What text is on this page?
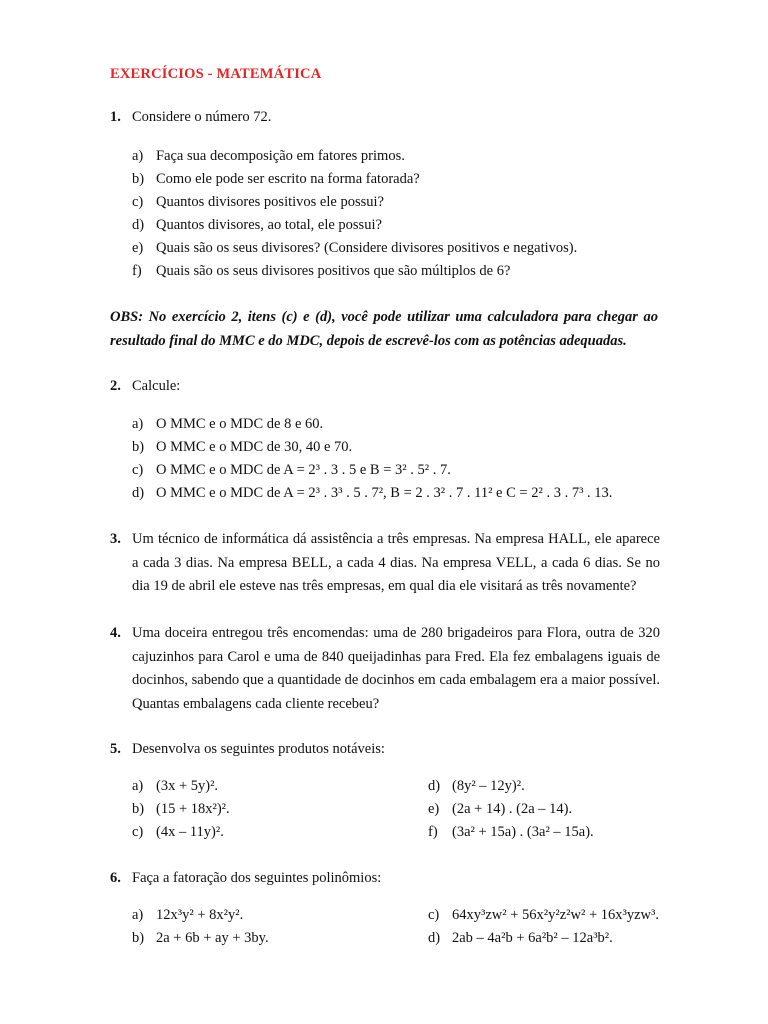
EXERCÍCIOS - MATEMÁTICA
1. Considere o número 72.
a) Faça sua decomposição em fatores primos.
b) Como ele pode ser escrito na forma fatorada?
c) Quantos divisores positivos ele possui?
d) Quantos divisores, ao total, ele possui?
e) Quais são os seus divisores? (Considere divisores positivos e negativos).
f) Quais são os seus divisores positivos que são múltiplos de 6?
OBS: No exercício 2, itens (c) e (d), você pode utilizar uma calculadora para chegar ao
resultado final do MMC e do MDC, depois de escrevê-los com as potências adequadas.
2. Calcule:
a) O MMC e o MDC de 8 e 60.
b) O MMC e o MDC de 30, 40 e 70.
c) O MMC e o MDC de A = 2³ . 3 . 5 e B = 3² . 5² . 7.
d) O MMC e o MDC de A = 2³ . 3³ . 5 . 7², B = 2 . 3² . 7 . 11² e C = 2² . 3 . 7³ . 13.
3. Um técnico de informática dá assistência a três empresas. Na empresa HALL, ele aparece a cada 3 dias. Na empresa BELL, a cada 4 dias. Na empresa VELL, a cada 6 dias. Se no dia 19 de abril ele esteve nas três empresas, em qual dia ele visitará as três novamente?
4. Uma doceira entregou três encomendas: uma de 280 brigadeiros para Flora, outra de 320 cajuzinhos para Carol e uma de 840 queijadinhas para Fred. Ela fez embalagens iguais de docinhos, sabendo que a quantidade de docinhos em cada embalagem era a maior possível. Quantas embalagens cada cliente recebeu?
5. Desenvolva os seguintes produtos notáveis:
a) (3x + 5y)².
b) (15 + 18x²)².
c) (4x – 11y)².
d) (8y² – 12y)².
e) (2a + 14) . (2a – 14).
f) (3a² + 15a) . (3a² – 15a).
6. Faça a fatoração dos seguintes polinômios:
a) 12x³y² + 8x²y².
b) 2a + 6b + ay + 3by.
c) 64xy³zw² + 56x²y²z²w² + 16x³yzw³.
d) 2ab – 4a²b + 6a²b² – 12a³b².
